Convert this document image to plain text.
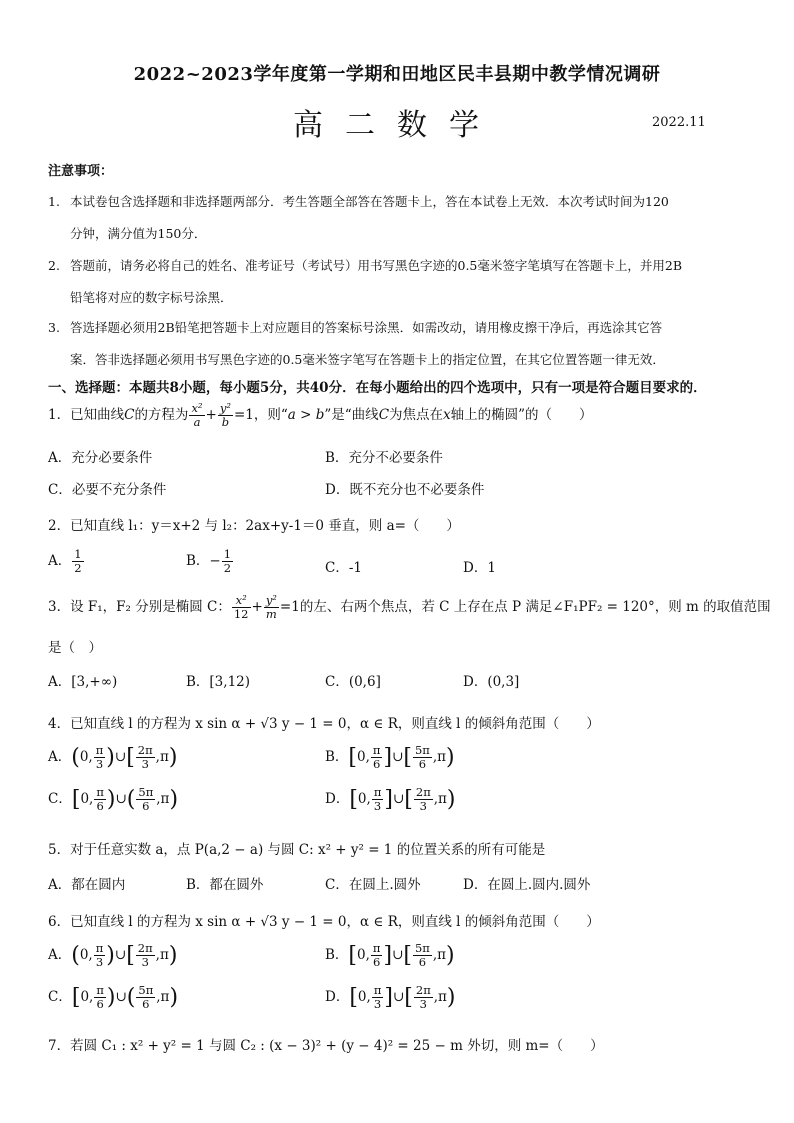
2022~2023学年度第一学期和田地区民丰县期中教学情况调研
高二数学	2022.11
注意事项：
1. 本试卷包含选择题和非选择题两部分．考生答题全部答在答题卡上，答在本试卷上无效．本次考试时间为120
分钟，满分值为150分．
2. 答题前，请务必将自己的姓名、准考证号（考试号）用书写黑色字迹的0.5毫米签字笔填写在答题卡上，并用2B
铅笔将对应的数字标号涂黑．
3. 答选择题必须用2B铅笔把答题卡上对应题目的答案标号涂黑．如需改动，请用橡皮擦干净后，再选涂其它答
案．答非选择题必须用书写黑色字迹的0.5毫米签字笔写在答题卡上的指定位置，在其它位置答题一律无效．
一、选择题：本题共8小题，每小题5分，共40分．在每小题给出的四个选项中，只有一项是符合题目要求的．
1．已知曲线C的方程为 $\frac{\text{x²}}{a} + \frac{\text{y²}}{b} =1$，则“a > b”是“曲线C为焦点在x轴上的椭圆”的（　　）
A．充分必要条件	B．充分不必要条件
C．必要不充分条件	D．既不充分也不必要条件
2．已知直线 l₁：y＝x+2 与 l₂：2ax+y-1＝0 垂直，则 a=（　　）
A． $\frac{1}{2}$	B．− $\frac{1}{2}$	C．-1	D．1
3．设 F₁，F₂ 分别是椭圆 C： $\frac{\text{x²}}{12} + \frac{\text{y²}}{m} =1$的左、右两个焦点，若 C 上存在点 P 满足∠F₁PF₂ = 120°，则 m 的取值范围
是（　）
A．[3,+∞)	B．[3,12)	C．(0,6]	D．(0,3]
4．已知直线 l 的方程为 x sin α + √3 y − 1 = 0，α ∈ R，则直线 l 的倾斜角范围（　　）
A．(0, $\frac{\pi}{3}$ )∪[ $\frac{2\pi}{3} ,\pi$)	B．[0, $\frac{\pi}{6}$ ]∪[ $\frac{5\pi}{6} ,\pi$)
C．[0, $\frac{\pi}{6}$ )∪( $\frac{5\pi}{6} ,\pi$)	D．[0, $\frac{\pi}{3}$ ]∪[ $\frac{2\pi}{3} ,\pi$)
5．对于任意实数 a，点 P(a,2 − a) 与圆 C: x² + y² = 1 的位置关系的所有可能是
A．都在圆内	B．都在圆外	C．在圆上.圆外	D．在圆上.圆内.圆外
6．已知直线 l 的方程为 x sin α + √3 y − 1 = 0，α ∈ R，则直线 l 的倾斜角范围（　　）
A．(0, $\frac{\pi}{3}$ )∪[ $\frac{2\pi}{3} ,\pi$)	B．[0, $\frac{\pi}{6}$ ]∪[ $\frac{5\pi}{6} ,\pi$)
C．[0, $\frac{\pi}{6}$ )∪( $\frac{5\pi}{6} ,\pi$)	D．[0, $\frac{\pi}{3}$ ]∪[ $\frac{2\pi}{3} ,\pi$)
7．若圆 C₁ : x² + y² = 1 与圆 C₂ : (x − 3)² + (y − 4)² = 25 − m 外切，则 m=（　　）
